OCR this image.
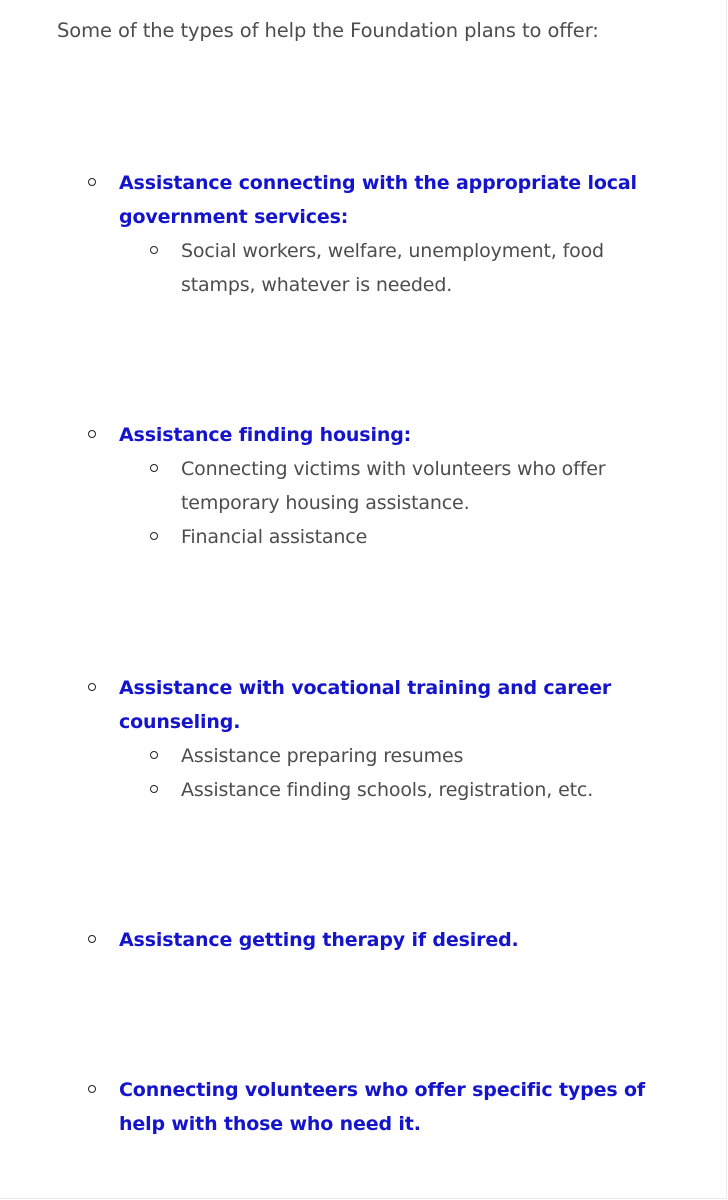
Some of the types of help the Foundation plans to offer:

Assistance connecting with the appropriate local
government services:
Social workers, welfare, unemployment, food
stamps, whatever is needed.
Assistance finding housing:
Connecting victims with volunteers who offer
temporary housing assistance.
Financial assistance
Assistance with vocational training and career
counseling.
Assistance preparing resumes
Assistance finding schools, registration, etc.
Assistance getting therapy if desired.
Connecting volunteers who offer specific types of
help with those who need it.
